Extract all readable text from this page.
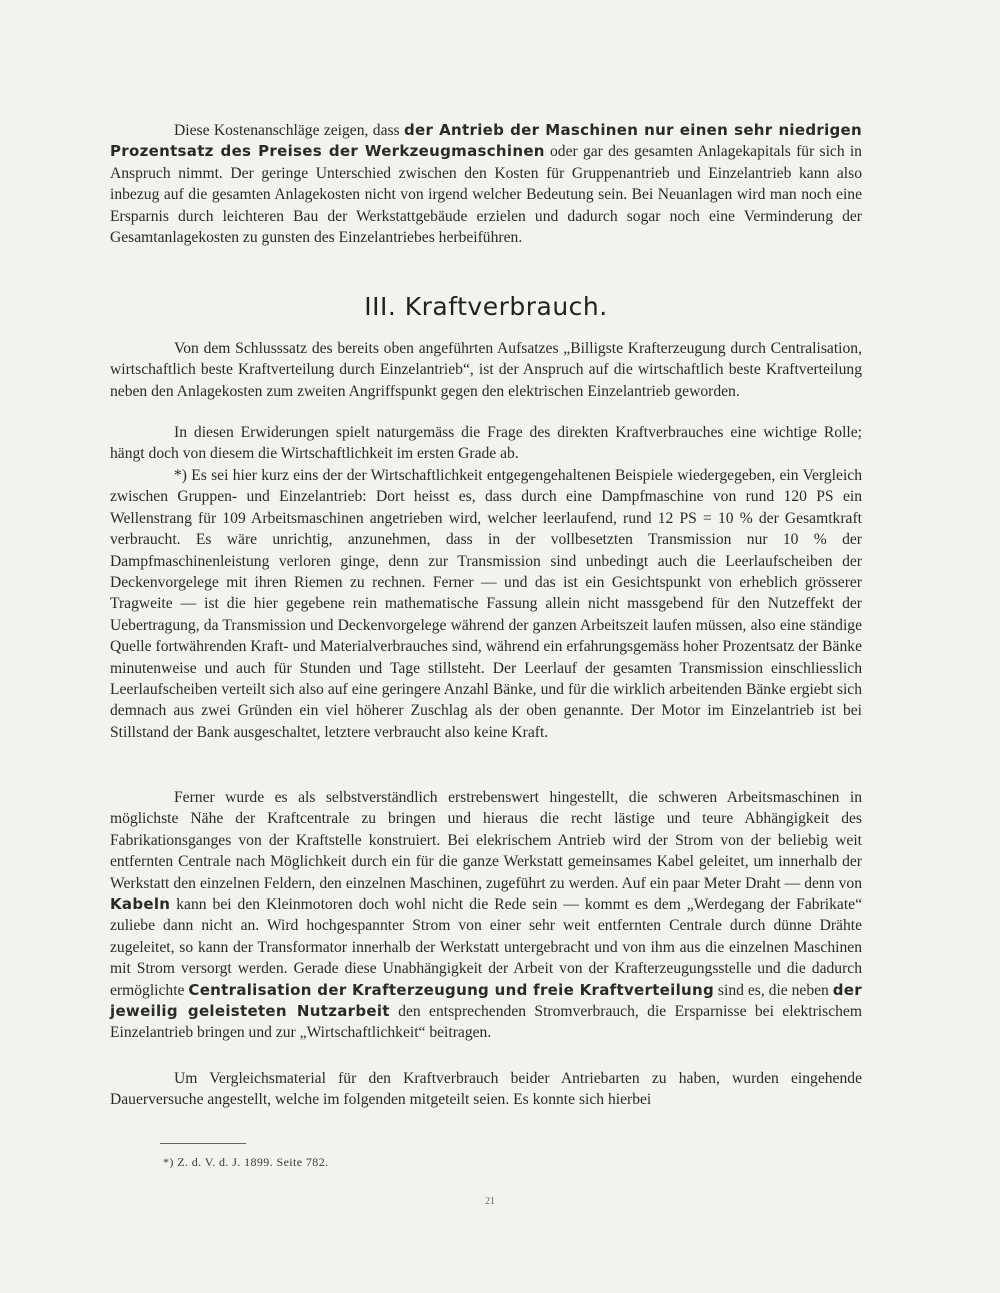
Diese Kostenanschläge zeigen, dass der Antrieb der Maschinen nur einen sehr niedrigen Prozentsatz des Preises der Werkzeugmaschinen oder gar des gesamten Anlagekapitals für sich in Anspruch nimmt. Der geringe Unterschied zwischen den Kosten für Gruppenantrieb und Einzelantrieb kann also inbezug auf die gesamten Anlagekosten nicht von irgend welcher Bedeutung sein. Bei Neuanlagen wird man noch eine Ersparnis durch leichteren Bau der Werkstattgebäude erzielen und dadurch sogar noch eine Verminderung der Gesamtanlagekosten zu gunsten des Einzelantriebes herbeiführen.

III. Kraftverbrauch.

Von dem Schlusssatz des bereits oben angeführten Aufsatzes „Billigste Krafterzeugung durch Centralisation, wirtschaftlich beste Kraftverteilung durch Einzelantrieb“, ist der Anspruch auf die wirtschaftlich beste Kraftverteilung neben den Anlagekosten zum zweiten Angriffspunkt gegen den elektrischen Einzelantrieb geworden.

In diesen Erwiderungen spielt naturgemäss die Frage des direkten Kraftverbrauches eine wichtige Rolle; hängt doch von diesem die Wirtschaftlichkeit im ersten Grade ab.

*) Es sei hier kurz eins der der Wirtschaftlichkeit entgegengehaltenen Beispiele wiedergegeben, ein Vergleich zwischen Gruppen- und Einzelantrieb: Dort heisst es, dass durch eine Dampfmaschine von rund 120 PS ein Wellenstrang für 109 Arbeitsmaschinen angetrieben wird, welcher leerlaufend, rund 12 PS = 10 % der Gesamtkraft verbraucht. Es wäre unrichtig, anzunehmen, dass in der vollbesetzten Transmission nur 10 % der Dampfmaschinenleistung verloren ginge, denn zur Transmission sind unbedingt auch die Leerlaufscheiben der Deckenvorgelege mit ihren Riemen zu rechnen. Ferner — und das ist ein Gesichtspunkt von erheblich grösserer Tragweite — ist die hier gegebene rein mathematische Fassung allein nicht massgebend für den Nutzeffekt der Uebertragung, da Transmission und Deckenvorgelege während der ganzen Arbeitszeit laufen müssen, also eine ständige Quelle fortwährenden Kraft- und Materialverbrauches sind, während ein erfahrungsgemäss hoher Prozentsatz der Bänke minutenweise und auch für Stunden und Tage stillsteht. Der Leerlauf der gesamten Transmission einschliesslich Leerlaufscheiben verteilt sich also auf eine geringere Anzahl Bänke, und für die wirklich arbeitenden Bänke ergiebt sich demnach aus zwei Gründen ein viel höherer Zuschlag als der oben genannte. Der Motor im Einzelantrieb ist bei Stillstand der Bank ausgeschaltet, letztere verbraucht also keine Kraft.

Ferner wurde es als selbstverständlich erstrebenswert hingestellt, die schweren Arbeitsmaschinen in möglichste Nähe der Kraftcentrale zu bringen und hieraus die recht lästige und teure Abhängigkeit des Fabrikationsganges von der Kraftstelle konstruiert. Bei elekrischem Antrieb wird der Strom von der beliebig weit entfernten Centrale nach Möglichkeit durch ein für die ganze Werkstatt gemeinsames Kabel geleitet, um innerhalb der Werkstatt den einzelnen Feldern, den einzelnen Maschinen, zugeführt zu werden. Auf ein paar Meter Draht — denn von Kabeln kann bei den Kleinmotoren doch wohl nicht die Rede sein — kommt es dem „Werdegang der Fabrikate“ zuliebe dann nicht an. Wird hochgespannter Strom von einer sehr weit entfernten Centrale durch dünne Drähte zugeleitet, so kann der Transformator innerhalb der Werkstatt untergebracht und von ihm aus die einzelnen Maschinen mit Strom versorgt werden. Gerade diese Unabhängigkeit der Arbeit von der Krafterzeugungsstelle und die dadurch ermöglichte Centralisation der Krafterzeugung und freie Kraftverteilung sind es, die neben der jeweilig geleisteten Nutzarbeit den entsprechenden Stromverbrauch, die Ersparnisse bei elektrischem Einzelantrieb bringen und zur „Wirtschaftlichkeit“ beitragen.

Um Vergleichsmaterial für den Kraftverbrauch beider Antriebarten zu haben, wurden eingehende Dauerversuche angestellt, welche im folgenden mitgeteilt seien. Es konnte sich hierbei

*) Z. d. V. d. J. 1899. Seite 782.
21
